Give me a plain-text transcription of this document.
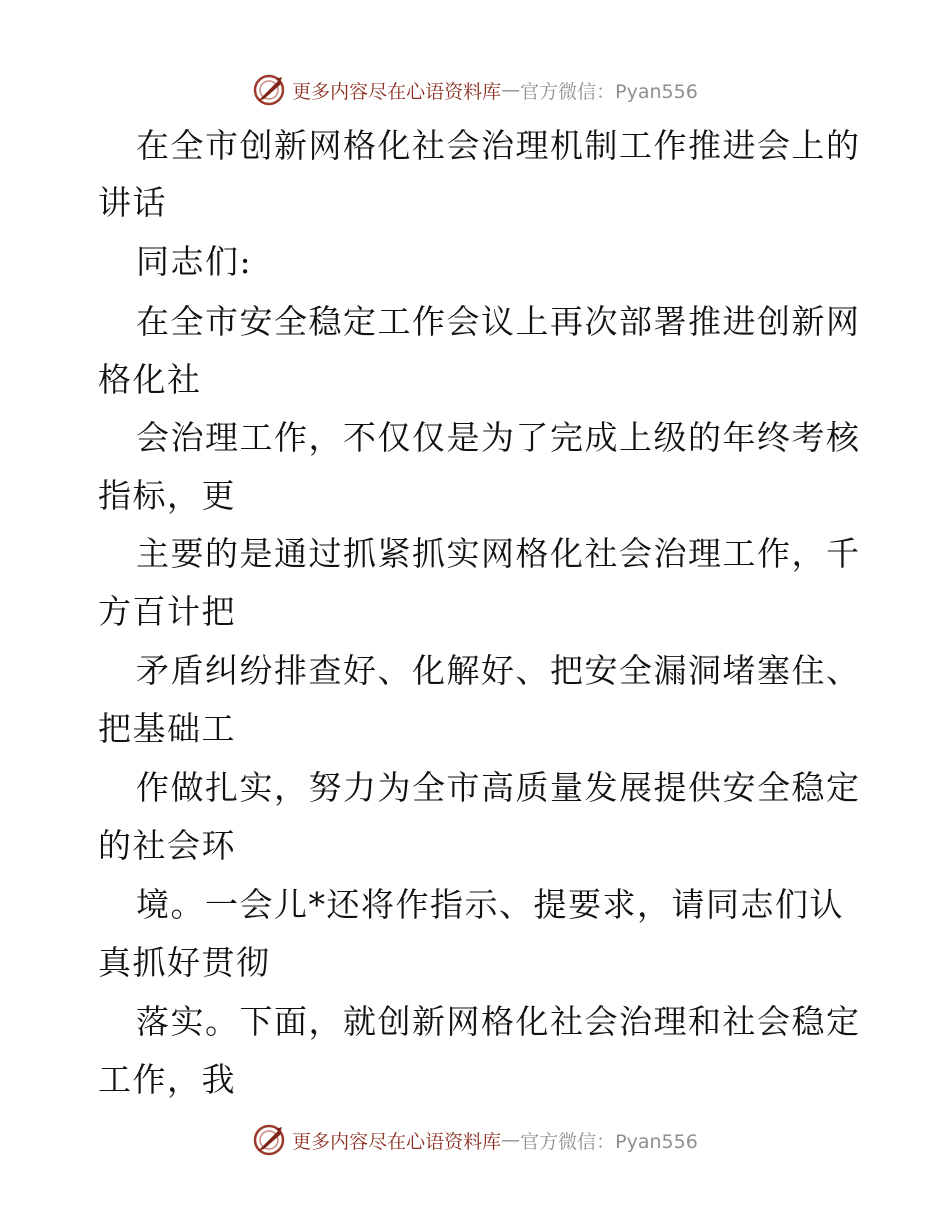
更多内容尽在心语资料库 — 官方微信：Pyan556
在全市创新网格化社会治理机制工作推进会上的
讲话
同志们:
在全市安全稳定工作会议上再次部署推进创新网
格化社
会治理工作，不仅仅是为了完成上级的年终考核
指标，更
主要的是通过抓紧抓实网格化社会治理工作，千
方百计把
矛盾纠纷排查好、化解好、把安全漏洞堵塞住、
把基础工
作做扎实，努力为全市高质量发展提供安全稳定
的社会环
境。一会儿*还将作指示、提要求，请同志们认
真抓好贯彻
落实。下面，就创新网格化社会治理和社会稳定
工作，我
更多内容尽在心语资料库 — 官方微信：Pyan556
